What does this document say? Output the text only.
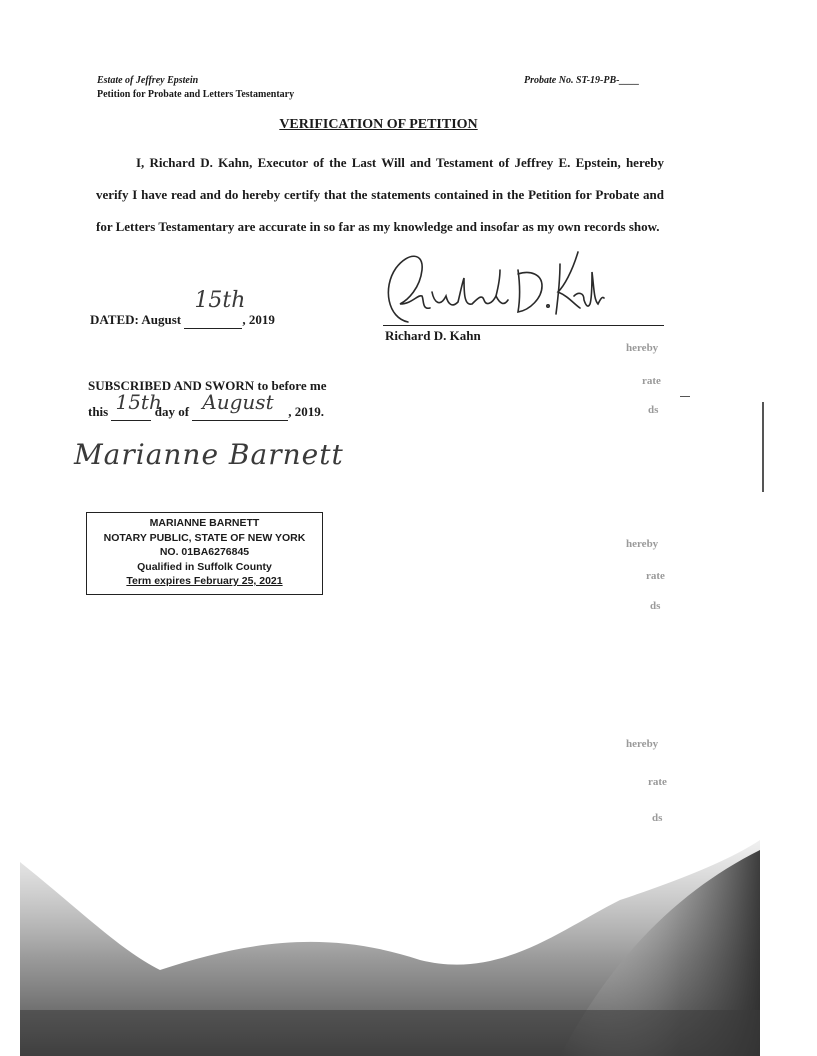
Estate of Jeffrey Epstein
Petition for Probate and Letters Testamentary
Probate No. ST-19-PB-____
VERIFICATION OF PETITION
I, Richard D. Kahn, Executor of the Last Will and Testament of Jeffrey E. Epstein, hereby verify I have read and do hereby certify that the statements contained in the Petition for Probate and for Letters Testamentary are accurate in so far as my knowledge and insofar as my own records show.
DATED: August
15th
, 2019
Richard D. Kahn
SUBSCRIBED AND SWORN to before me
this 15th
day of August , 2019.
Marianne Barnett
MARIANNE BARNETT
NOTARY PUBLIC, STATE OF NEW YORK
NO. 01BA6276845
Qualified in Suffolk County
Term expires February 25, 2021
hereby
rate
ds
hereby
rate
ds
hereby
rate
ds
